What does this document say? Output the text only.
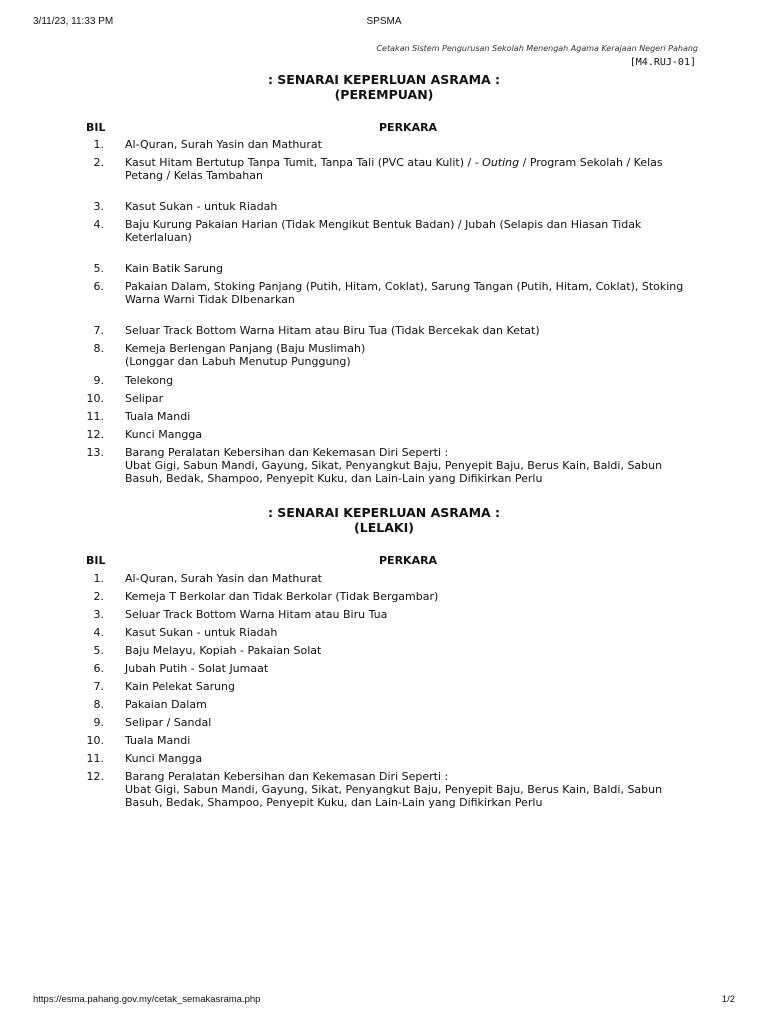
3/11/23, 11:33 PM	SPSMA
Cetakan Sistem Pengurusan Sekolah Menengah Agama Kerajaan Negeri Pahang
[M4.RUJ-01]
: SENARAI KEPERLUAN ASRAMA :
(PEREMPUAN)
BIL	PERKARA
1. Al-Quran, Surah Yasin dan Mathurat
2. Kasut Hitam Bertutup Tanpa Tumit, Tanpa Tali (PVC atau Kulit) / - Outing / Program Sekolah / Kelas Petang / Kelas Tambahan
3. Kasut Sukan - untuk Riadah
4. Baju Kurung Pakaian Harian (Tidak Mengikut Bentuk Badan) / Jubah (Selapis dan Hiasan Tidak Keterlaluan)
5. Kain Batik Sarung
6. Pakaian Dalam, Stoking Panjang (Putih, Hitam, Coklat), Sarung Tangan (Putih, Hitam, Coklat), Stoking Warna Warni Tidak DIbenarkan
7. Seluar Track Bottom Warna Hitam atau Biru Tua (Tidak Bercekak dan Ketat)
8. Kemeja Berlengan Panjang (Baju Muslimah)
(Longgar dan Labuh Menutup Punggung)
9. Telekong
10. Selipar
11. Tuala Mandi
12. Kunci Mangga
13. Barang Peralatan Kebersihan dan Kekemasan Diri Seperti :
Ubat Gigi, Sabun Mandi, Gayung, Sikat, Penyangkut Baju, Penyepit Baju, Berus Kain, Baldi, Sabun Basuh, Bedak, Shampoo, Penyepit Kuku, dan Lain-Lain yang Difikirkan Perlu
: SENARAI KEPERLUAN ASRAMA :
(LELAKI)
BIL	PERKARA
1. Al-Quran, Surah Yasin dan Mathurat
2. Kemeja T Berkolar dan Tidak Berkolar (Tidak Bergambar)
3. Seluar Track Bottom Warna Hitam atau Biru Tua
4. Kasut Sukan - untuk Riadah
5. Baju Melayu, Kopiah - Pakaian Solat
6. Jubah Putih - Solat Jumaat
7. Kain Pelekat Sarung
8. Pakaian Dalam
9. Selipar / Sandal
10. Tuala Mandi
11. Kunci Mangga
12. Barang Peralatan Kebersihan dan Kekemasan Diri Seperti :
Ubat Gigi, Sabun Mandi, Gayung, Sikat, Penyangkut Baju, Penyepit Baju, Berus Kain, Baldi, Sabun Basuh, Bedak, Shampoo, Penyepit Kuku, dan Lain-Lain yang Difikirkan Perlu
https://esma.pahang.gov.my/cetak_semakasrama.php	1/2
